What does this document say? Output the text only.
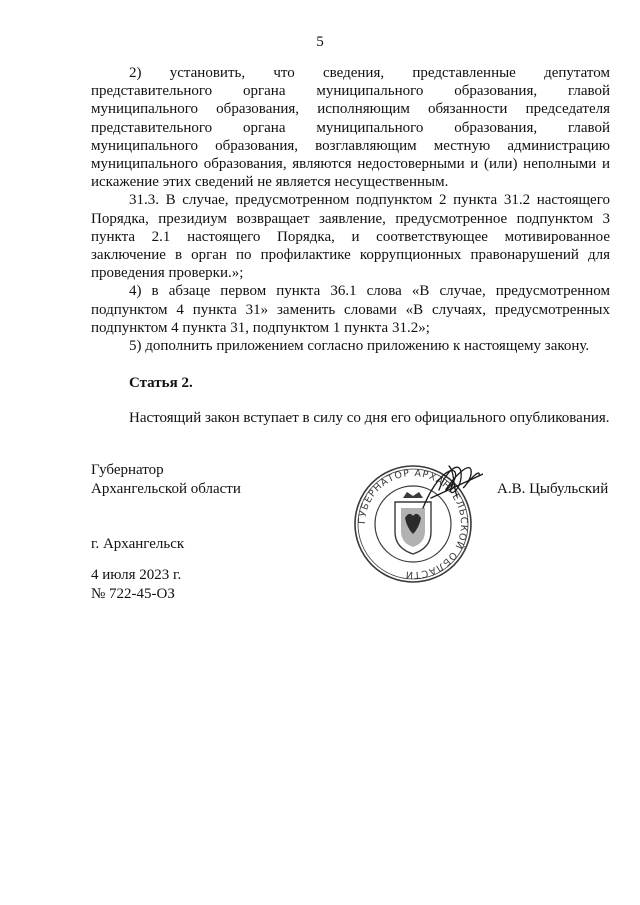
5

2) установить, что сведения, представленные депутатом представительного органа муниципального образования, главой муниципального образования, исполняющим обязанности председателя представительного органа муниципального образования, главой муниципального образования, возглавляющим местную администрацию муниципального образования, являются недостоверными и (или) неполными и искажение этих сведений не является несущественным.

31.3. В случае, предусмотренном подпунктом 2 пункта 31.2 настоящего Порядка, президиум возвращает заявление, предусмотренное подпунктом 3 пункта 2.1 настоящего Порядка, и соответствующее мотивированное заключение в орган по профилактике коррупционных правонарушений для проведения проверки.»;

4) в абзаце первом пункта 36.1 слова «В случае, предусмотренном подпунктом 4 пункта 31» заменить словами «В случаях, предусмотренных подпунктом 4 пункта 31, подпунктом 1 пункта 31.2»;

5) дополнить приложением согласно приложению к настоящему закону.

Статья 2.

Настоящий закон вступает в силу со дня его официального опубликования.

Губернатор
Архангельской области	А.В. Цыбульский
г. Архангельск
4 июля 2023 г.
№ 722-45-ОЗ
ГУБЕРНАТОР АРХАНГЕЛЬСКОЙ ОБЛАСТИ
